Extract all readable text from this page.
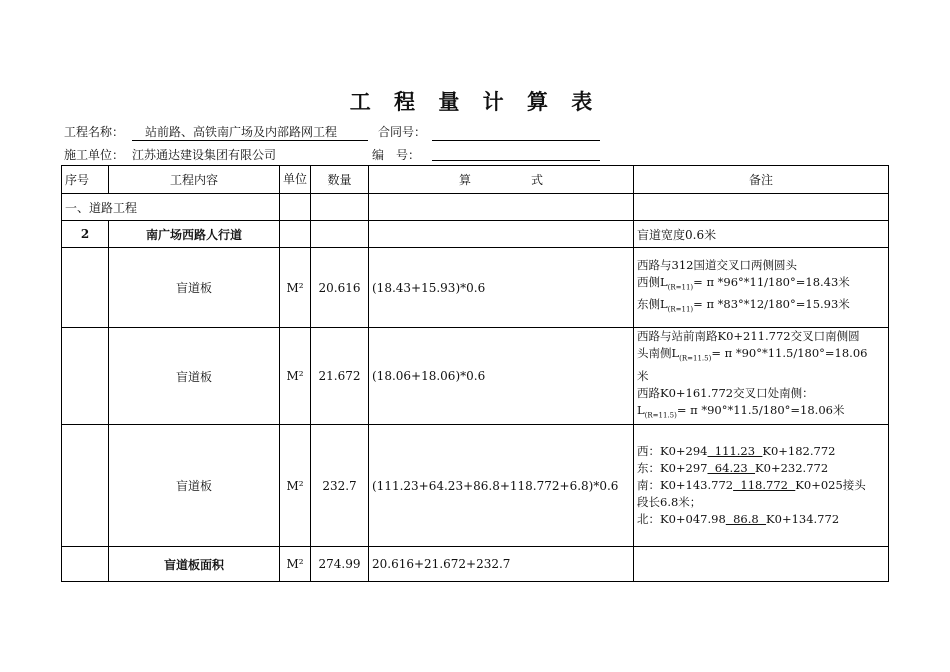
工 程 量 计 算 表
工程名称： 站前路、高铁南广场及内部路网工程	合同号：
施工单位： 江苏通达建设集团有限公司	编　号：
序号	工程内容	单位	数量	算　　　　　式	备注
一、道路工程					
2	南广场西路人行道				盲道宽度0.6米
	盲道板	M²	20.616	(18.43+15.93)*0.6	西路与312国道交叉口两侧圆头
西侧$L_{(R=11)}= \pi$ *96°*11/180°=18.43米
东侧$L_{(R=11)}= \pi$ *83°*12/180°=15.93米

	盲道板	M²	21.672	(18.06+18.06)*0.6	西路与站前南路K0+211.772交叉口南侧圆
头南侧$L_{(R=11.5)}= \pi$ *90°*11.5/180°=18.06
米
西路K0+161.772交叉口处南侧：
$L_{(R=11.5)}= \pi$ *90°*11.5/180°=18.06米

	盲道板	M²	232.7	(111.23+64.23+86.8+118.772+6.8)*0.6	西：K0+294  111.23  K0+182.772
东：K0+297  64.23  K0+232.772
南：K0+143.772  118.772  K0+025接头
段长6.8米；
北：K0+047.98  86.8  K0+134.772

	盲道板面积	M²	274.99	20.616+21.672+232.7	
